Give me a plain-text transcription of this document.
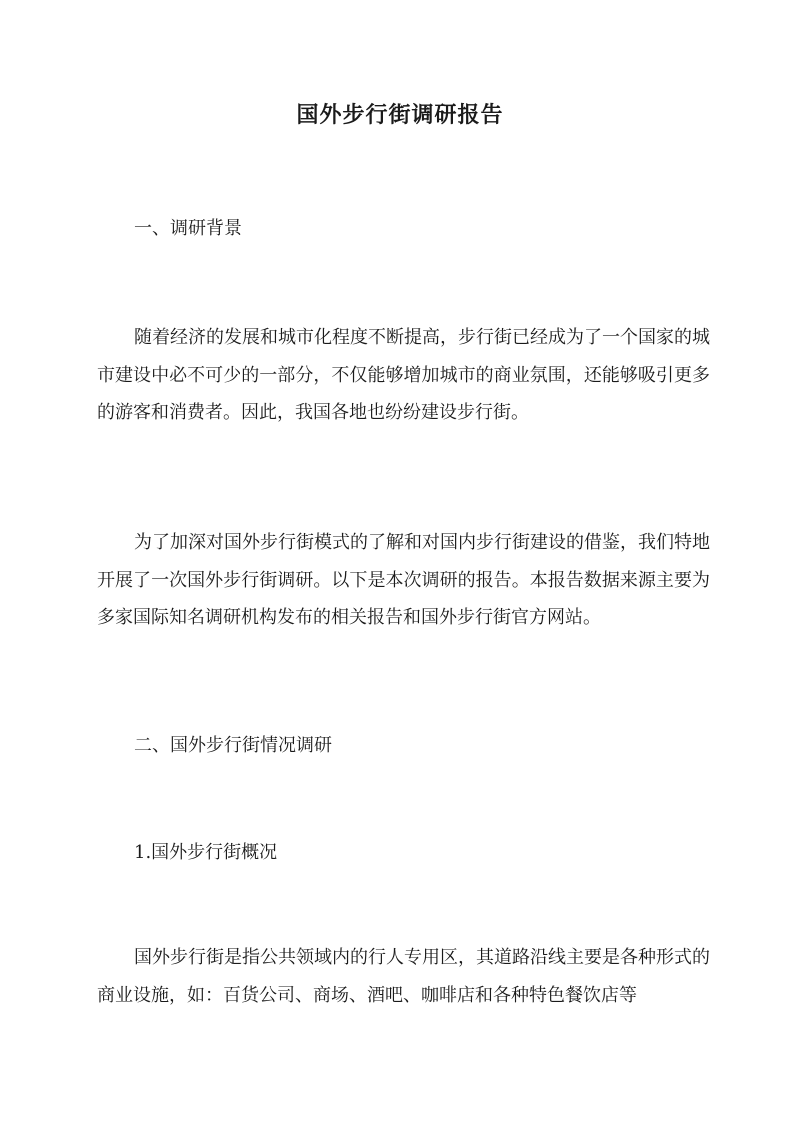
国外步行街调研报告

一、调研背景

随着经济的发展和城市化程度不断提高，步行街已经成为了一个国家的城市建设中必不可少的一部分，不仅能够增加城市的商业氛围，还能够吸引更多的游客和消费者。因此，我国各地也纷纷建设步行街。

为了加深对国外步行街模式的了解和对国内步行街建设的借鉴，我们特地开展了一次国外步行街调研。以下是本次调研的报告。本报告数据来源主要为多家国际知名调研机构发布的相关报告和国外步行街官方网站。

二、国外步行街情况调研

1.国外步行街概况

国外步行街是指公共领域内的行人专用区，其道路沿线主要是各种形式的商业设施，如：百货公司、商场、酒吧、咖啡店和各种特色餐饮店等
